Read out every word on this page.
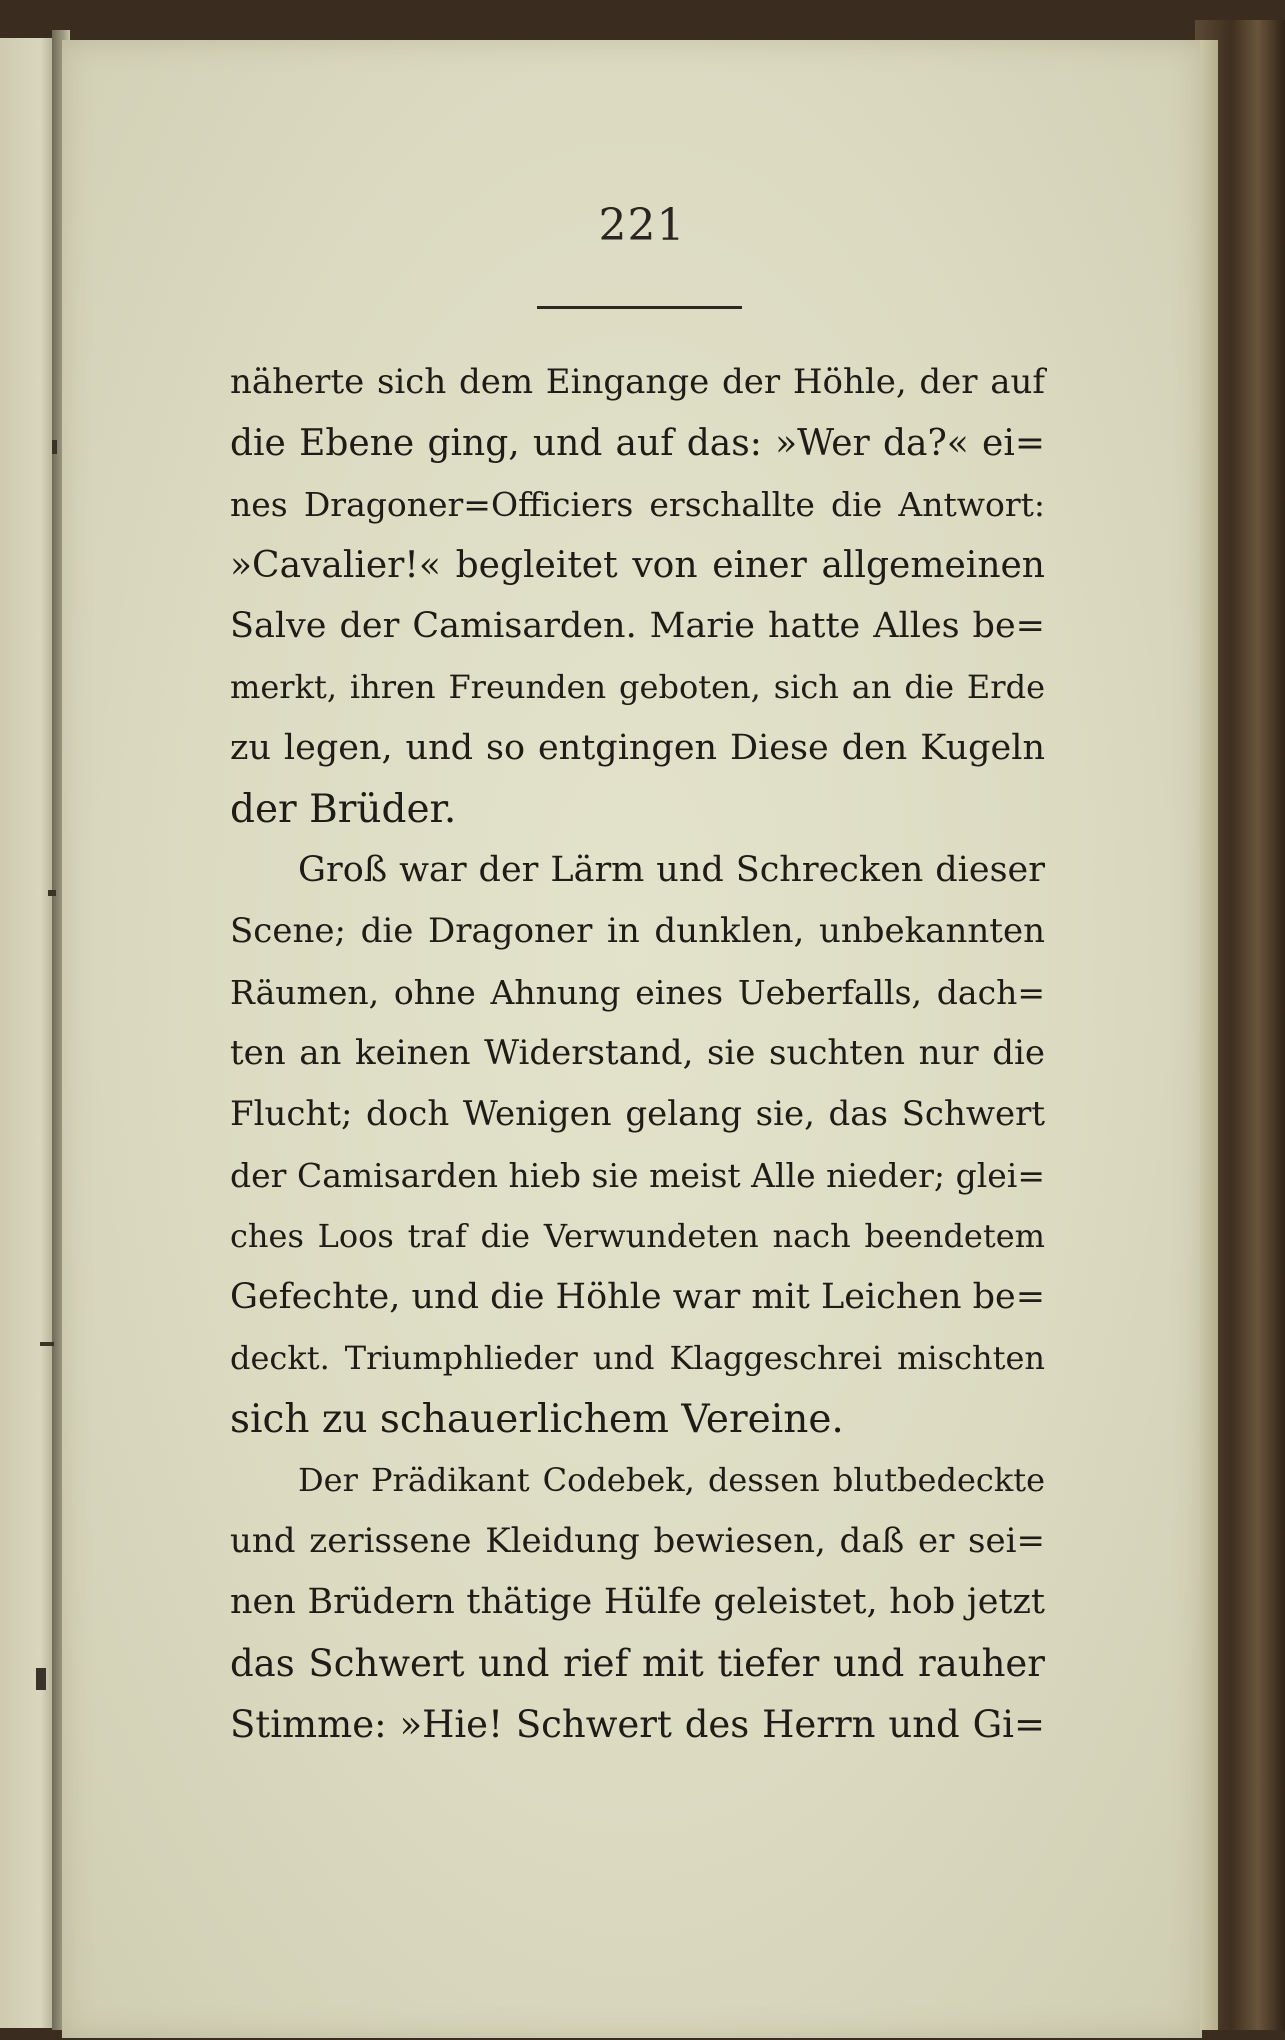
221
näherte sich dem Eingange der Höhle, der auf
die Ebene ging, und auf das: »Wer da?« ei=
nes Dragoner=Officiers erschallte die Antwort:
»Cavalier!« begleitet von einer allgemeinen
Salve der Camisarden. Marie hatte Alles be=
merkt, ihren Freunden geboten, sich an die Erde
zu legen, und so entgingen Diese den Kugeln
der Brüder.
Groß war der Lärm und Schrecken dieser
Scene; die Dragoner in dunklen, unbekannten
Räumen, ohne Ahnung eines Ueberfalls, dach=
ten an keinen Widerstand, sie suchten nur die
Flucht; doch Wenigen gelang sie, das Schwert
der Camisarden hieb sie meist Alle nieder; glei=
ches Loos traf die Verwundeten nach beendetem
Gefechte, und die Höhle war mit Leichen be=
deckt. Triumphlieder und Klaggeschrei mischten
sich zu schauerlichem Vereine.
Der Prädikant Codebek, dessen blutbedeckte
und zerissene Kleidung bewiesen, daß er sei=
nen Brüdern thätige Hülfe geleistet, hob jetzt
das Schwert und rief mit tiefer und rauher
Stimme: »Hie! Schwert des Herrn und Gi=
